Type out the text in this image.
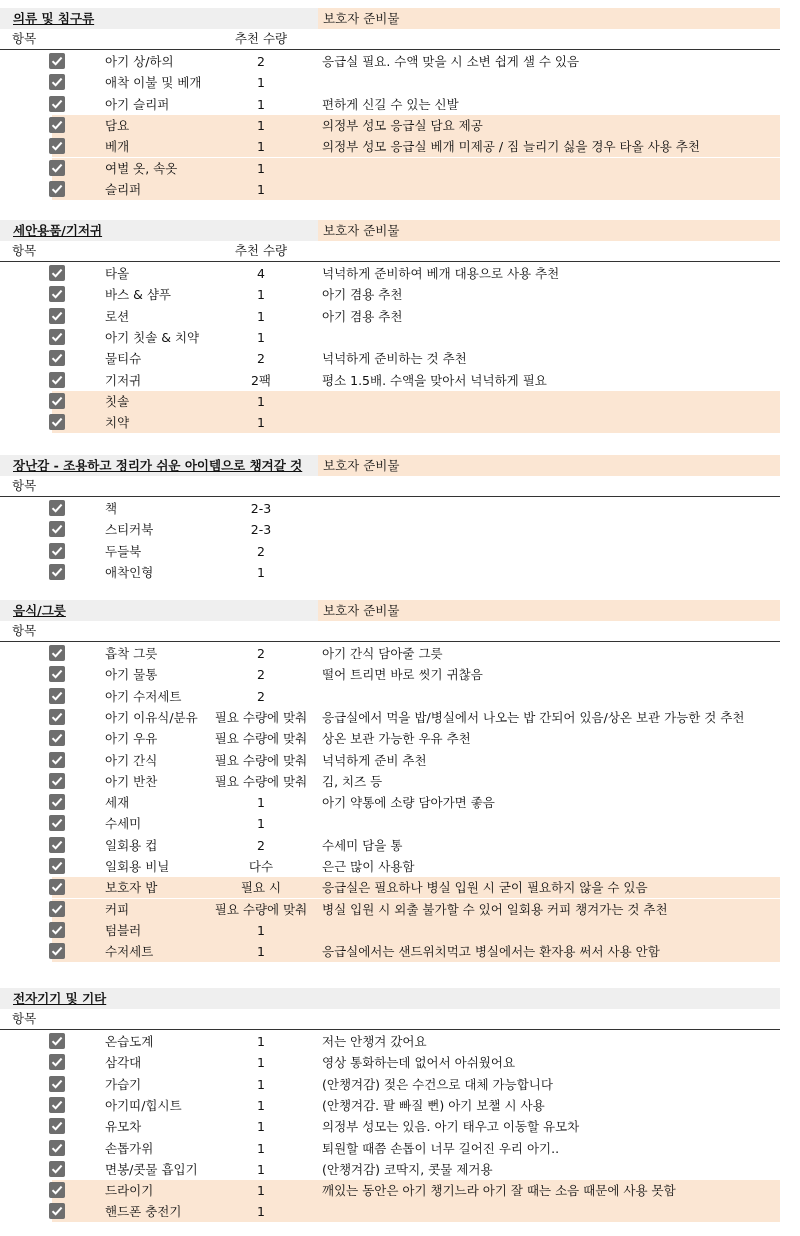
의류 및 침구류	보호자 준비물
항목	추천 수량
아기 상/하의	2	응급실 필요. 수액 맞을 시 소변 쉽게 샐 수 있음
애착 이불 및 베개	1
아기 슬리퍼	1	편하게 신길 수 있는 신발
담요	1	의정부 성모 응급실 담요 제공
베개	1	의정부 성모 응급실 베개 미제공 / 짐 늘리기 싫을 경우 타올 사용 추천
여벌 옷, 속옷	1
슬리퍼	1
세안용품/기저귀	보호자 준비물
항목	추천 수량
타올	4	넉넉하게 준비하여 베개 대용으로 사용 추천
바스 & 샴푸	1	아기 겸용 추천
로션	1	아기 겸용 추천
아기 칫솔 & 치약	1
물티슈	2	넉넉하게 준비하는 것 추천
기저귀	2팩	평소 1.5배. 수액을 맞아서 넉넉하게 필요
칫솔	1
치약	1
장난감 - 조용하고 정리가 쉬운 아이템으로 챙겨갈 것	보호자 준비물
항목
책	2-3
스티커북	2-3
두들북	2
애착인형	1
음식/그릇	보호자 준비물
항목
흡착 그릇	2	아기 간식 담아줄 그릇
아기 물통	2	떨어 트리면 바로 씻기 귀찮음
아기 수저세트	2
아기 이유식/분유	필요 수량에 맞춰	응급실에서 먹을 밥/병실에서 나오는 밥 간되어 있음/상온 보관 가능한 것 추천
아기 우유	필요 수량에 맞춰	상온 보관 가능한 우유 추천
아기 간식	필요 수량에 맞춰	넉넉하게 준비 추천
아기 반찬	필요 수량에 맞춰	김, 치즈 등
세재	1	아기 약통에 소량 담아가면 좋음
수세미	1
일회용 컵	2	수세미 담을 통
일회용 비닐	다수	은근 많이 사용함
보호자 밥	필요 시	응급실은 필요하나 병실 입원 시 굳이 필요하지 않을 수 있음
커피	필요 수량에 맞춰	병실 입원 시 외출 불가할 수 있어 일회용 커피 챙겨가는 것 추천
텀블러	1
수저세트	1	응급실에서는 샌드위치먹고 병실에서는 환자용 써서 사용 안함
전자기기 및 기타
항목
온습도계	1	저는 안챙겨 갔어요
삼각대	1	영상 통화하는데 없어서 아쉬웠어요
가습기	1	(안챙겨감) 젖은 수건으로 대체 가능합니다
아기띠/힙시트	1	(안챙겨감. 팔 빠질 뻔) 아기 보챌 시 사용
유모차	1	의정부 성모는 있음. 아기 태우고 이동할 유모차
손톱가위	1	퇴원할 때쯤 손톱이 너무 길어진 우리 아기..
면봉/콧물 흡입기	1	(안챙겨감) 코딱지, 콧물 제거용
드라이기	1	깨있는 동안은 아기 챙기느라 아기 잘 때는 소음 때문에 사용 못함
핸드폰 충전기	1
